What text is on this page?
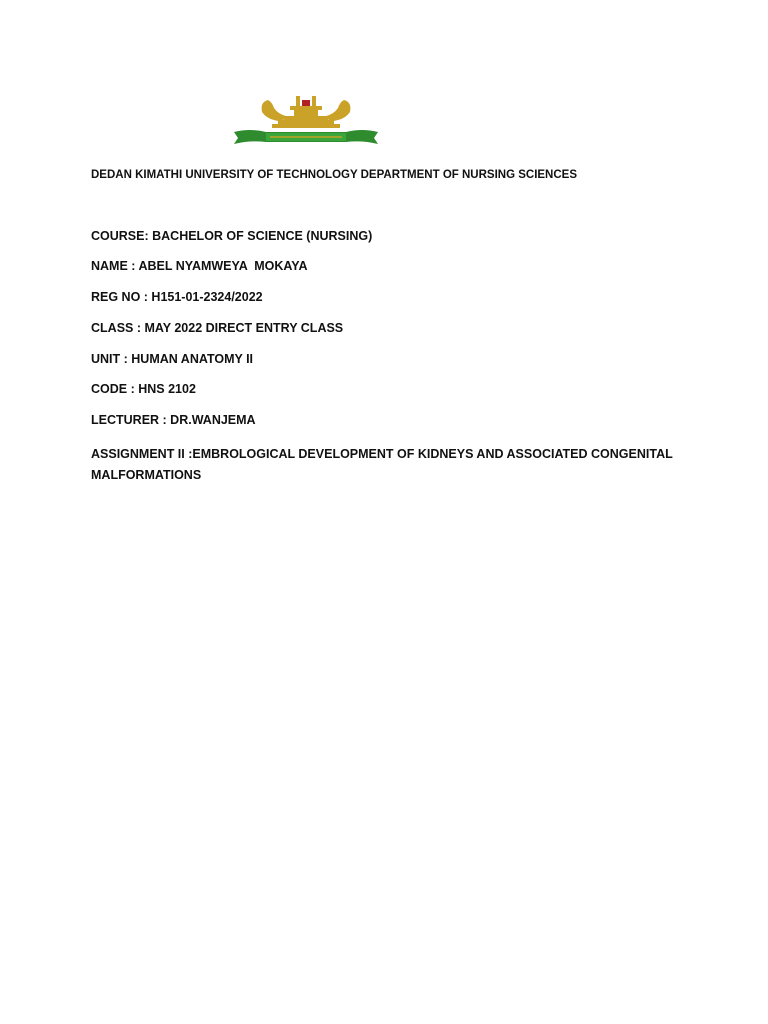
DEDAN KIMATHI UNIVERSITY OF TECHNOLOGY DEPARTMENT OF NURSING SCIENCES
COURSE: BACHELOR OF SCIENCE (NURSING)
NAME : ABEL NYAMWEYA  MOKAYA
REG NO : H151-01-2324/2022
CLASS : MAY 2022 DIRECT ENTRY CLASS
UNIT : HUMAN ANATOMY II
CODE : HNS 2102
LECTURER : DR.WANJEMA
ASSIGNMENT II :EMBROLOGICAL DEVELOPMENT OF KIDNEYS AND ASSOCIATED CONGENITAL MALFORMATIONS
